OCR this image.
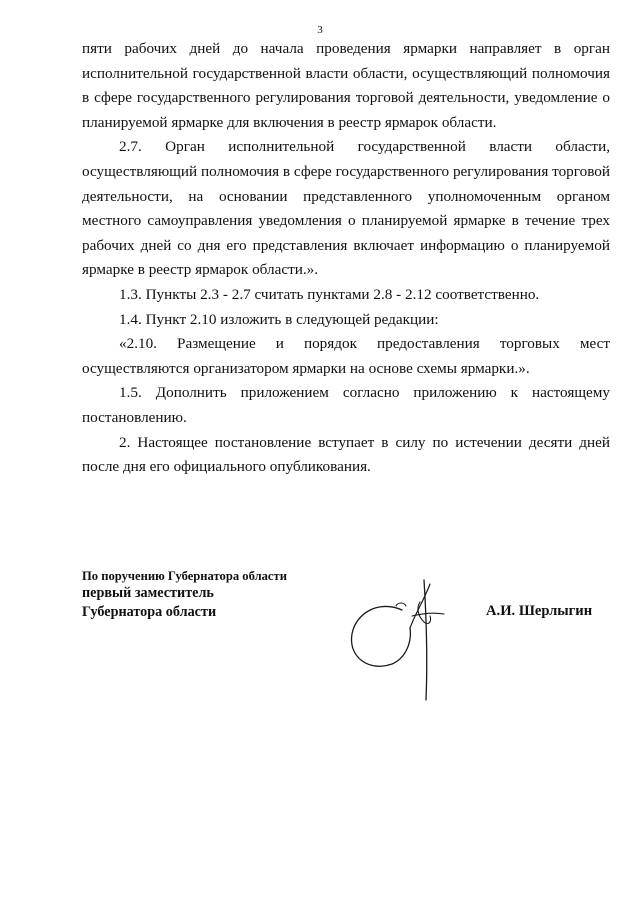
3

пяти рабочих дней до начала проведения ярмарки направляет в орган исполнительной государственной власти области, осуществляющий полномочия в сфере государственного регулирования торговой деятельности, уведомление о планируемой ярмарке для включения в реестр ярмарок области.

2.7. Орган исполнительной государственной власти области, осуществляющий полномочия в сфере государственного регулирования торговой деятельности, на основании представленного уполномоченным органом местного самоуправления уведомления о планируемой ярмарке в течение трех рабочих дней со дня его представления включает информацию о планируемой ярмарке в реестр ярмарок области.».

1.3. Пункты 2.3 - 2.7 считать пунктами 2.8 - 2.12 соответственно.

1.4. Пункт 2.10 изложить в следующей редакции:

«2.10. Размещение и порядок предоставления торговых мест осуществляются организатором ярмарки на основе схемы ярмарки.».

1.5. Дополнить приложением согласно приложению к настоящему постановлению.

2. Настоящее постановление вступает в силу по истечении десяти дней после дня его официального опубликования.

По поручению Губернатора области
первый заместитель
Губернатора области	А.И. Шерлыгин
